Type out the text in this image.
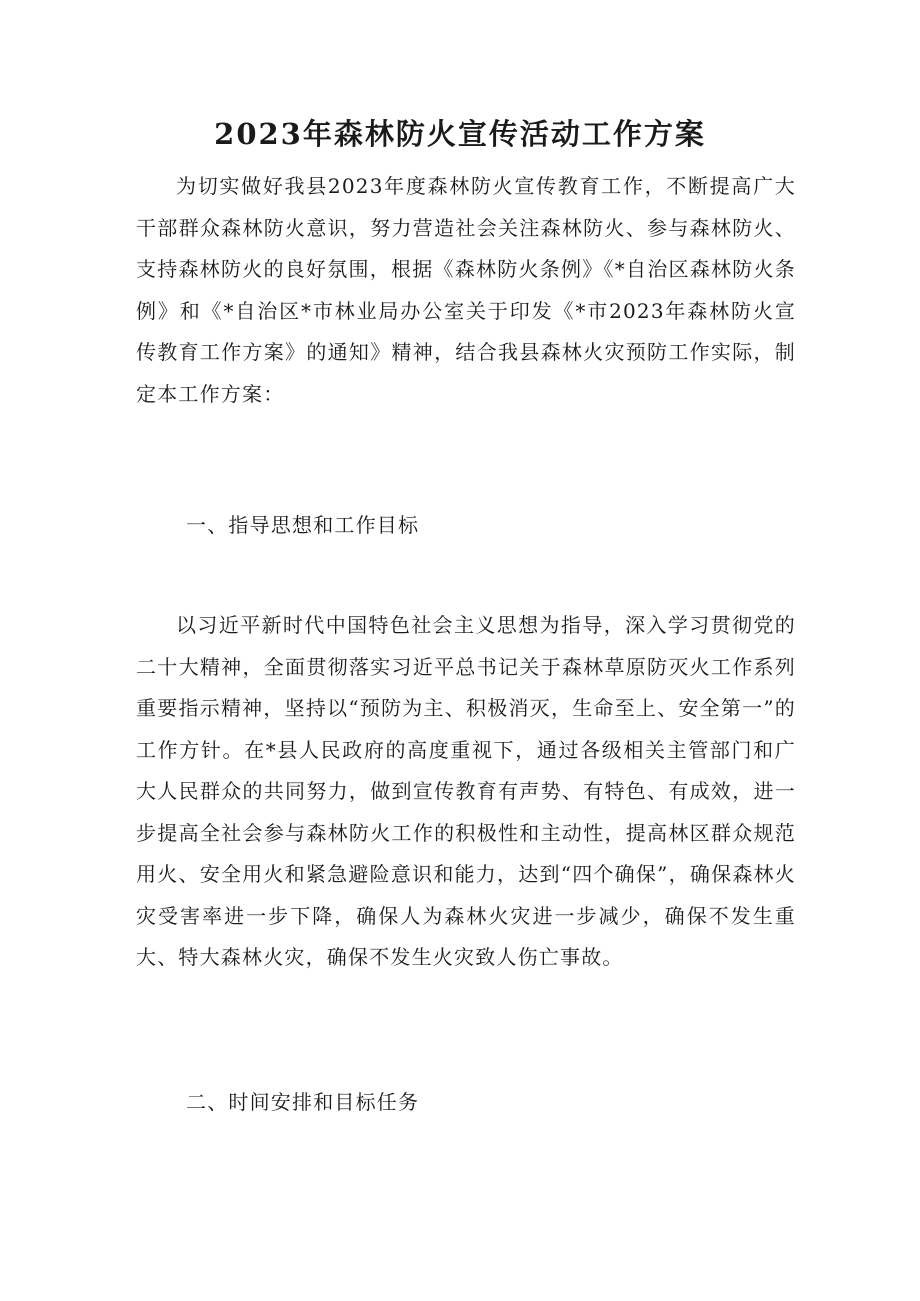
2023年森林防火宣传活动工作方案
为切实做好我县2023年度森林防火宣传教育工作，不断提高广大干部群众森林防火意识，努力营造社会关注森林防火、参与森林防火、支持森林防火的良好氛围，根据《森林防火条例》《*自治区森林防火条例》和《*自治区*市林业局办公室关于印发《*市2023年森林防火宣传教育工作方案》的通知》精神，结合我县森林火灾预防工作实际，制定本工作方案：
一、指导思想和工作目标
以习近平新时代中国特色社会主义思想为指导，深入学习贯彻党的二十大精神，全面贯彻落实习近平总书记关于森林草原防灭火工作系列重要指示精神，坚持以“预防为主、积极消灭，生命至上、安全第一”的工作方针。在*县人民政府的高度重视下，通过各级相关主管部门和广大人民群众的共同努力，做到宣传教育有声势、有特色、有成效，进一步提高全社会参与森林防火工作的积极性和主动性，提高林区群众规范用火、安全用火和紧急避险意识和能力，达到“四个确保”，确保森林火灾受害率进一步下降，确保人为森林火灾进一步减少，确保不发生重大、特大森林火灾，确保不发生火灾致人伤亡事故。
二、时间安排和目标任务
